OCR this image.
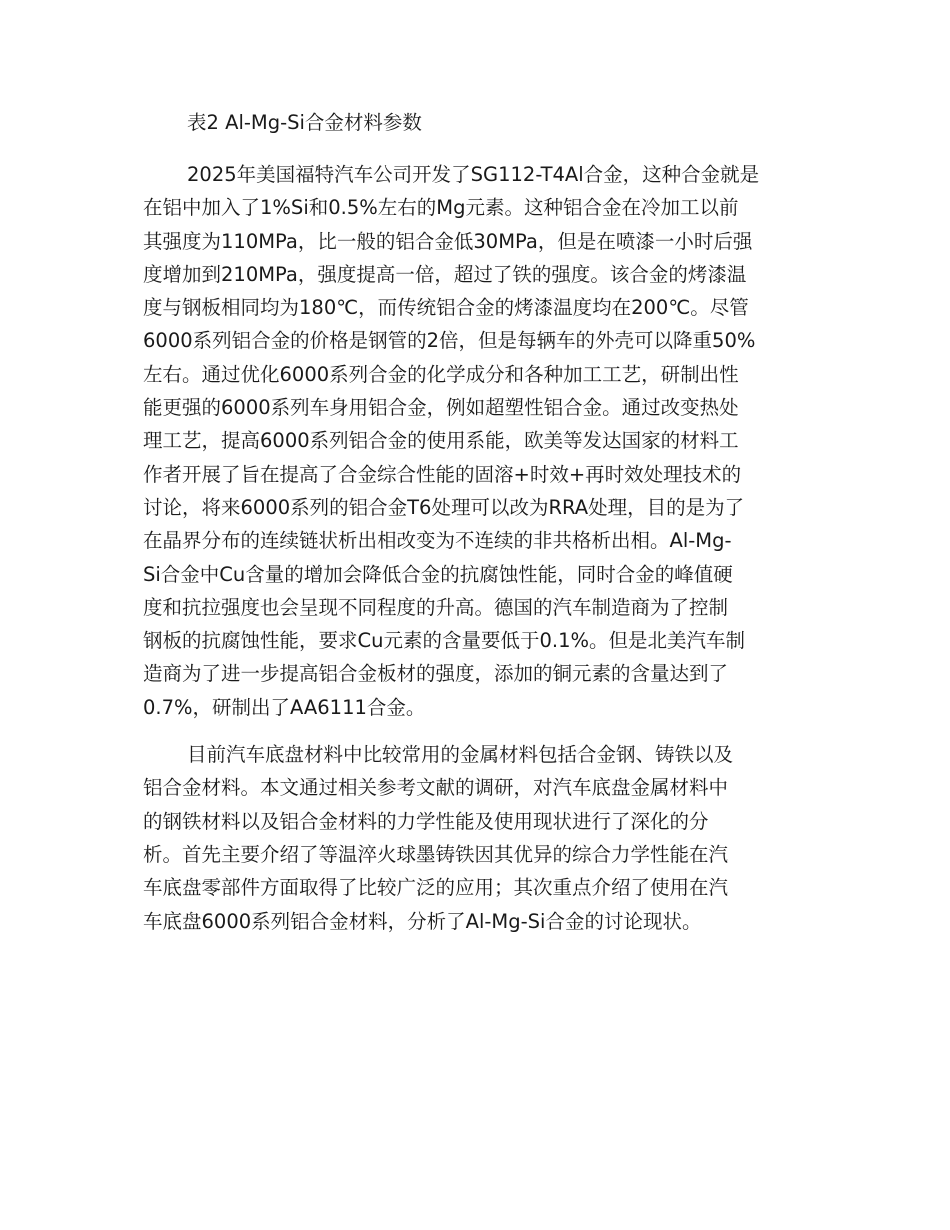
表2 Al-Mg-Si合金材料参数

2025年美国福特汽车公司开发了SG112-T4Al合金，这种合金就是
在铝中加入了1%Si和0.5%左右的Mg元素。这种铝合金在冷加工以前
其强度为110MPa，比一般的铝合金低30MPa，但是在喷漆一小时后强
度增加到210MPa，强度提高一倍，超过了铁的强度。该合金的烤漆温
度与钢板相同均为180℃，而传统铝合金的烤漆温度均在200℃。尽管
6000系列铝合金的价格是钢管的2倍，但是每辆车的外壳可以降重50%
左右。通过优化6000系列合金的化学成分和各种加工工艺，研制出性
能更强的6000系列车身用铝合金，例如超塑性铝合金。通过改变热处
理工艺，提高6000系列铝合金的使用系能，欧美等发达国家的材料工
作者开展了旨在提高了合金综合性能的固溶+时效+再时效处理技术的
讨论，将来6000系列的铝合金T6处理可以改为RRA处理，目的是为了
在晶界分布的连续链状析出相改变为不连续的非共格析出相。Al-Mg-
Si合金中Cu含量的增加会降低合金的抗腐蚀性能，同时合金的峰值硬
度和抗拉强度也会呈现不同程度的升高。德国的汽车制造商为了控制
钢板的抗腐蚀性能，要求Cu元素的含量要低于0.1%。但是北美汽车制
造商为了进一步提高铝合金板材的强度，添加的铜元素的含量达到了
0.7%，研制出了AA6111合金。

目前汽车底盘材料中比较常用的金属材料包括合金钢、铸铁以及
铝合金材料。本文通过相关参考文献的调研，对汽车底盘金属材料中
的钢铁材料以及铝合金材料的力学性能及使用现状进行了深化的分
析。首先主要介绍了等温淬火球墨铸铁因其优异的综合力学性能在汽
车底盘零部件方面取得了比较广泛的应用；其次重点介绍了使用在汽
车底盘6000系列铝合金材料，分析了Al-Mg-Si合金的讨论现状。
